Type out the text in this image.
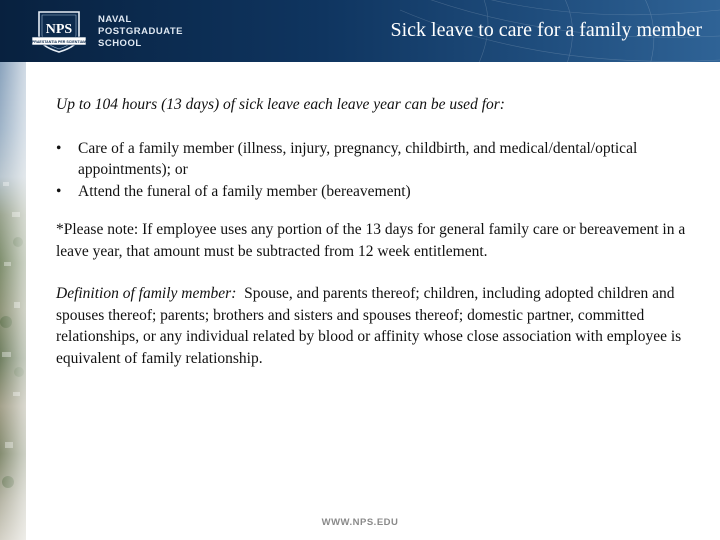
NPS
PRAESTANTIA PER SCIENTIAM
NAVAL
POSTGRADUATE
SCHOOL
Sick leave to care for a family member

Up to 104 hours (13 days) of sick leave each leave year can be used for:

•	Care of a family member (illness, injury, pregnancy, childbirth, and medical/dental/optical appointments); or
•	Attend the funeral of a family member (bereavement)

*Please note: If employee uses any portion of the 13 days for general family care or bereavement in a leave year, that amount must be subtracted from 12 week entitlement.

Definition of family member:  Spouse, and parents thereof; children, including adopted children and spouses thereof; parents; brothers and sisters and spouses thereof; domestic partner, committed relationships, or any individual related by blood or affinity whose close association with employee is equivalent of family relationship.

WWW.NPS.EDU
